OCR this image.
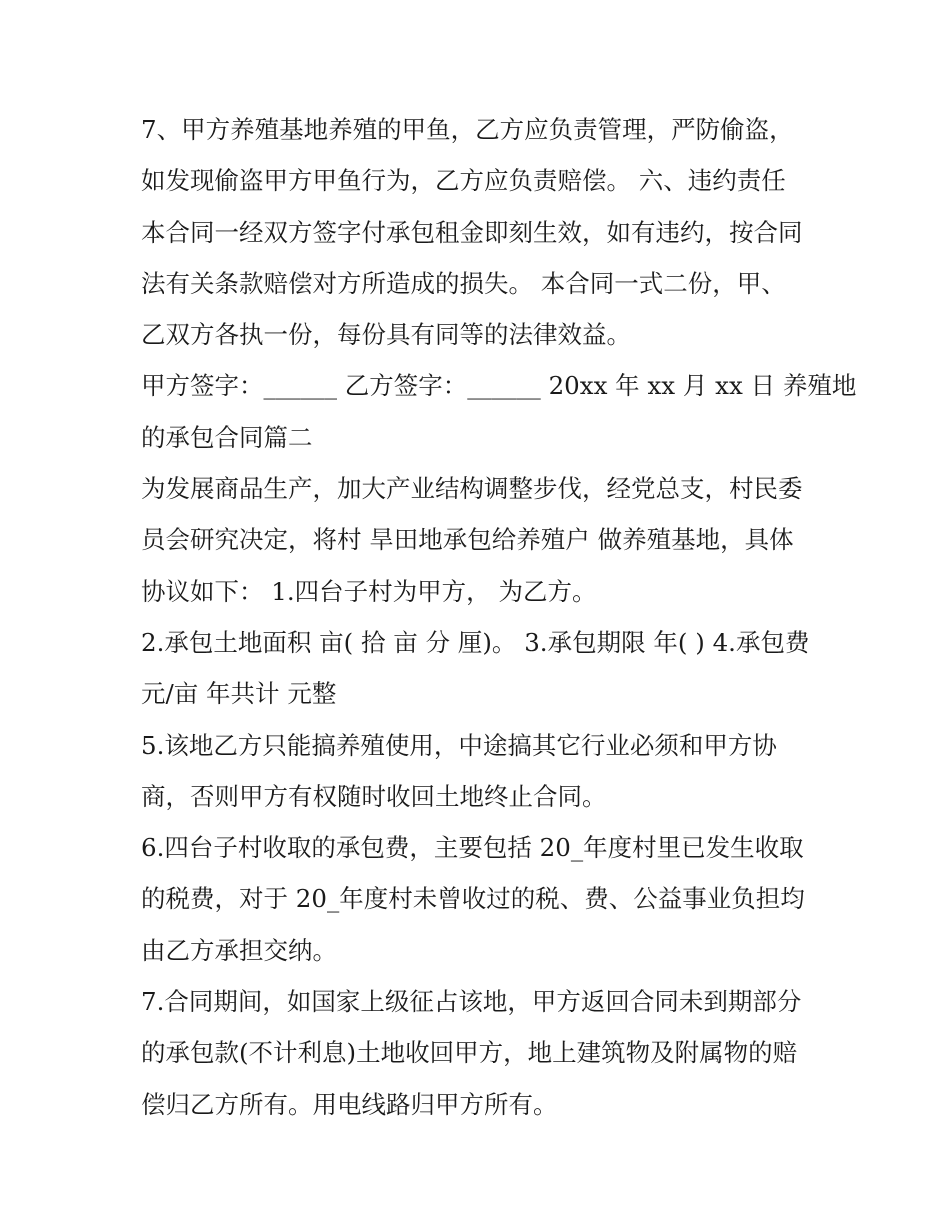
7、甲方养殖基地养殖的甲鱼，乙方应负责管理，严防偷盗，
如发现偷盗甲方甲鱼行为，乙方应负责赔偿。 六、违约责任
本合同一经双方签字付承包租金即刻生效，如有违约，按合同
法有关条款赔偿对方所造成的损失。 本合同一式二份，甲、
乙双方各执一份，每份具有同等的法律效益。
甲方签字：______ 乙方签字：______ 20xx 年 xx 月 xx 日 养殖地
的承包合同篇二
为发展商品生产，加大产业结构调整步伐，经党总支，村民委
员会研究决定，将村 旱田地承包给养殖户 做养殖基地，具体
协议如下： 1.四台子村为甲方， 为乙方。
2.承包土地面积 亩( 拾 亩 分 厘)。 3.承包期限 年( ) 4.承包费
元/亩 年共计 元整
5.该地乙方只能搞养殖使用，中途搞其它行业必须和甲方协
商，否则甲方有权随时收回土地终止合同。
6.四台子村收取的承包费，主要包括 20_年度村里已发生收取
的税费，对于 20_年度村未曾收过的税、费、公益事业负担均
由乙方承担交纳。
7.合同期间，如国家上级征占该地，甲方返回合同未到期部分
的承包款(不计利息)土地收回甲方，地上建筑物及附属物的赔
偿归乙方所有。用电线路归甲方所有。
